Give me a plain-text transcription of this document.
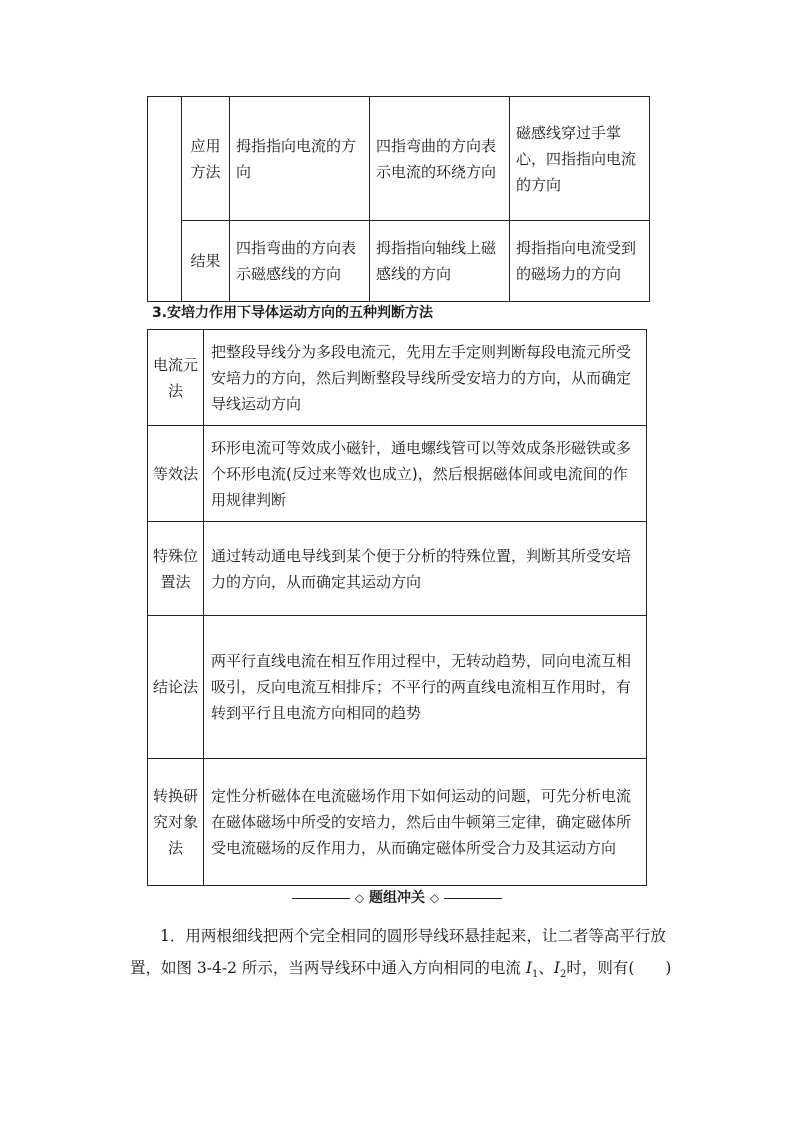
	应用方法	拇指指向电流的方向	四指弯曲的方向表示电流的环绕方向	磁感线穿过手掌心，四指指向电流的方向
	结果	四指弯曲的方向表示磁感线的方向	拇指指向轴线上磁感线的方向	拇指指向电流受到的磁场力的方向
3.安培力作用下导体运动方向的五种判断方法
电流元法	把整段导线分为多段电流元，先用左手定则判断每段电流元所受安培力的方向，然后判断整段导线所受安培力的方向，从而确定导线运动方向
等效法	环形电流可等效成小磁针，通电螺线管可以等效成条形磁铁或多个环形电流(反过来等效也成立)，然后根据磁体间或电流间的作用规律判断
特殊位置法	通过转动通电导线到某个便于分析的特殊位置，判断其所受安培力的方向，从而确定其运动方向
结论法	两平行直线电流在相互作用过程中，无转动趋势，同向电流互相吸引，反向电流互相排斥；不平行的两直线电流相互作用时，有转到平行且电流方向相同的趋势
转换研究对象法	定性分析磁体在电流磁场作用下如何运动的问题，可先分析电流在磁体磁场中所受的安培力，然后由牛顿第三定律，确定磁体所受电流磁场的反作用力，从而确定磁体所受合力及其运动方向
◇ 题组冲关 ◇
1．用两根细线把两个完全相同的圆形导线环悬挂起来，让二者等高平行放置，如图 3-4-2 所示，当两导线环中通入方向相同的电流 $I_1$、$I_2$时，则有(　　)
